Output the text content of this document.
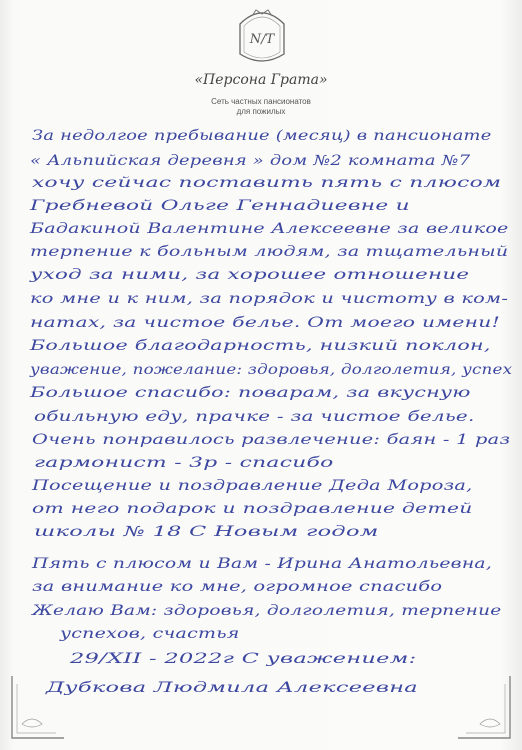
N/T
«Персона Грата»
Сеть частных пансионатов
для пожилых
За недолгое пребывание (месяц) в пансионате
« Альпийская деревня » дом №2 комната №7
хочу сейчас поставить пять с плюсом
Гребневой Ольге Геннадиевне и
Бадакиной Валентине Алексеевне за великое
терпение к больным людям, за тщательный
уход за ними, за хорошее отношение
ко мне и к ним, за порядок и чистоту в ком-
натах, за чистое белье. От моего имени!
Большое благодарность, низкий поклон,
уважение, пожелание: здоровья, долголетия, успех
Большое спасибо: поварам, за вкусную
обильную еду, прачке - за чистое белье.
Очень понравилось развлечение: баян - 1 раз
гармонист - 3р - спасибо
Посещение и поздравление Деда Мороза,
от него подарок и поздравление детей
школы № 18 С Новым годом
Пять с плюсом и Вам - Ирина Анатольевна,
за внимание ко мне, огромное спасибо
Желаю Вам: здоровья, долголетия, терпение
успехов, счастья
29/XII - 2022г С уважением:
Дубкова Людмила Алексеевна
